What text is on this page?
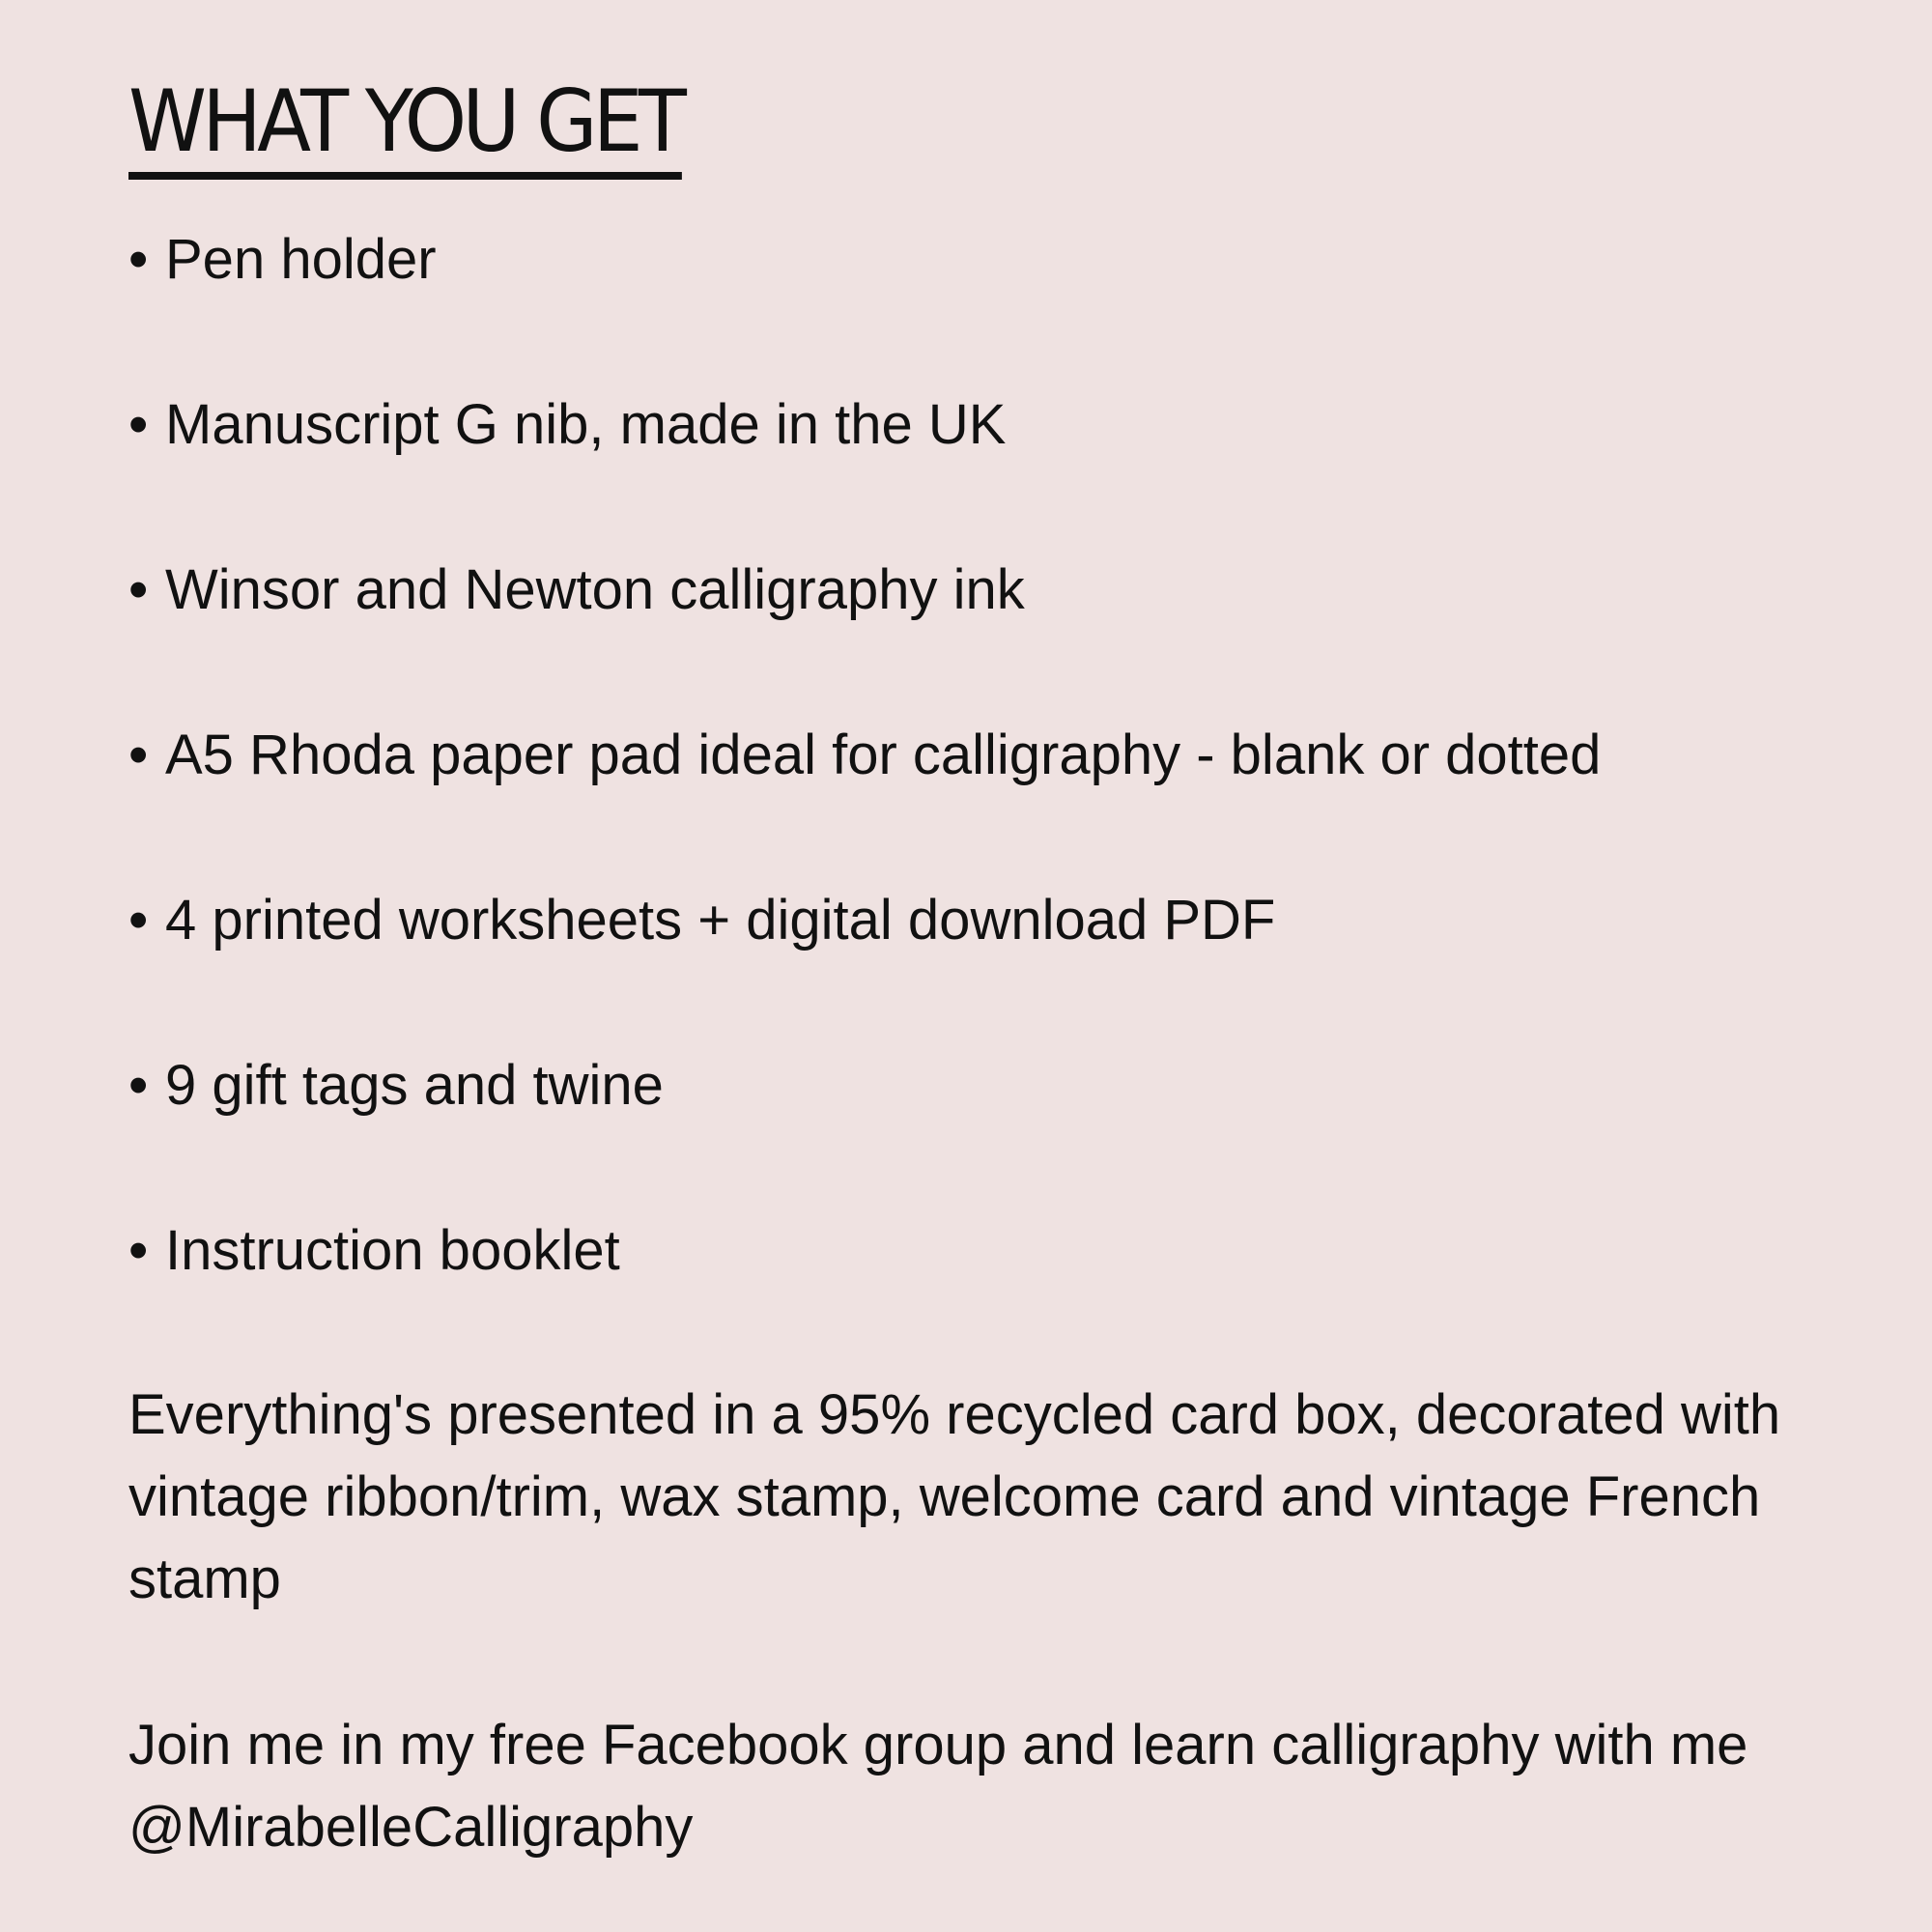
WHAT YOU GET
• Pen holder
• Manuscript G nib, made in the UK
• Winsor and Newton calligraphy ink
• A5 Rhoda paper pad ideal for calligraphy - blank or dotted
• 4 printed worksheets + digital download PDF
• 9 gift tags and twine
• Instruction booklet

Everything's presented in a 95% recycled card box, decorated with vintage ribbon/trim, wax stamp, welcome card and vintage French stamp

Join me in my free Facebook group and learn calligraphy with me @MirabelleCalligraphy
